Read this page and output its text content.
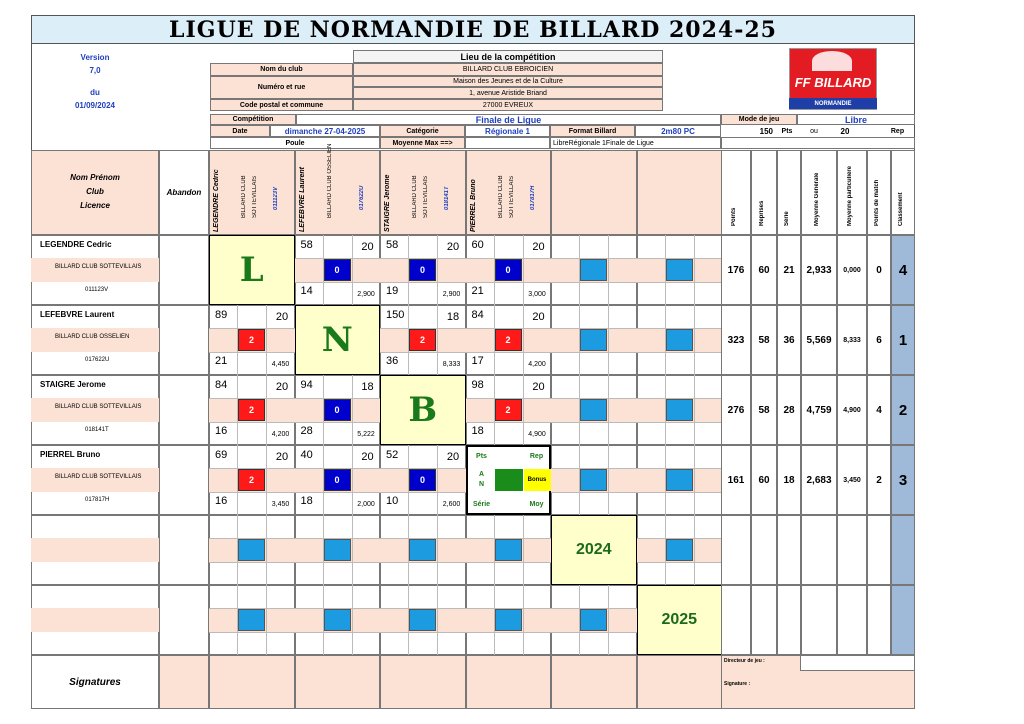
LIGUE DE NORMANDIE DE BILLARD 2024-25
Version
7,0
du
01/09/2024
Lieu de la compétition
Nom du club
Numéro et rue
Code postal et commune
BILLARD CLUB EBROICIEN
Maison des Jeunes et de la Culture
1, avenue Aristide Briand
27000 EVREUX
FF BILLARD
NORMANDIE
Compétition	Finale de Ligue	Mode de jeu	Libre
Date	dimanche 27-04-2025	Catégorie	Régionale 1	Format Billard	2m80 PC	150	Pts	ou	20	Rep
Poule	Moyenne Max ==>	LibreRégionale 1Finale de Ligue
Nom Prénom
Club
Licence
Abandon	LEGENDRE Cedric	BILLARD CLUB SOTTEVILLAIS	011123V	LEFEBVRE Laurent	BILLARD CLUB OSSELIEN	017622U	STAIGRE Jerome	BILLARD CLUB SOTTEVILLAIS	018141T	PIERREL Bruno	BILLARD CLUB SOTTEVILLAIS	017817H
Points	Reprises	Série	Moyenne Générale	Moyenne particulière	Points de match	Classement
LEGENDRE Cedric
BILLARD CLUB SOTTEVILLAIS
011123V	L
58	20
0
14	2,900
58	20
0
19	2,900
60	20
0
21	3,000
176	60	21	2,933	0,000	0	4
LEFEBVRE Laurent
BILLARD CLUB OSSELIEN
017622U
89	20
2
21	4,450
N
150	18
2
36	8,333
84	20
2
17	4,200
323	58	36	5,569	8,333	6	1
STAIGRE Jerome
BILLARD CLUB SOTTEVILLAIS
018141T
84	20
2
16	4,200
94	18
0
28	5,222
B
98	20
2
18	4,900
276	58	28	4,759	4,900	4	2
PIERREL Bruno
BILLARD CLUB SOTTEVILLAIS
017817H
69	20
2
16	3,450
40	20
0
18	2,000
52	20
0
10	2,600
Pts	Rep
A
N
Bonus
Série	Moy
161	60	18	2,683	3,450	2	3
2024
2025
Signatures
Directeur de jeu :
Signature :
